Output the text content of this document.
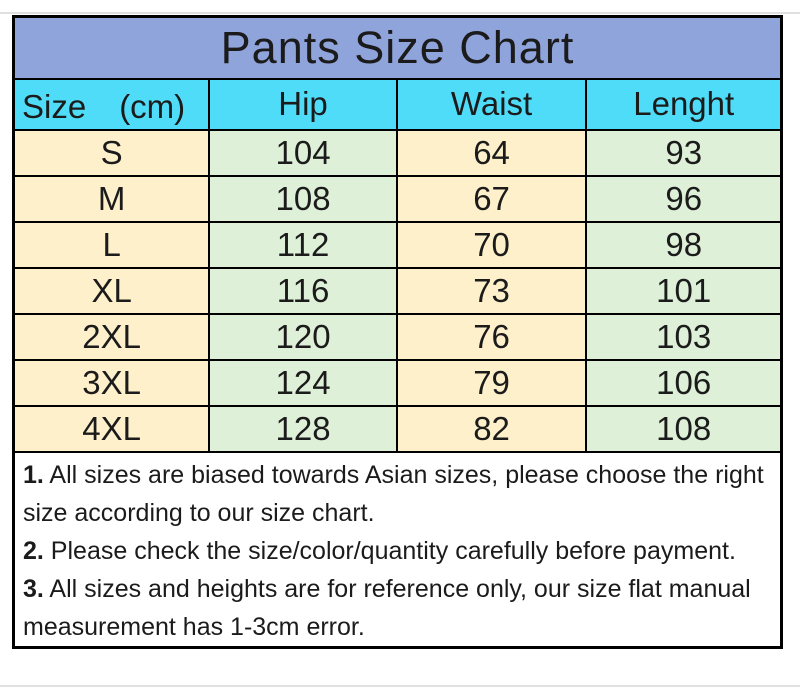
Pants Size Chart			
Size　(cm)	Hip	Waist	Lenght
S	104	64	93
M	108	67	96
L	112	70	98
XL	116	73	101
2XL	120	76	103
3XL	124	79	106
4XL	128	82	108

1. All sizes are biased towards Asian sizes, please choose the right size according to our size chart.

2. Please check the size/color/quantity carefully before payment.

3. All sizes and heights are for reference only, our size flat manual measurement has 1-3cm error.			
